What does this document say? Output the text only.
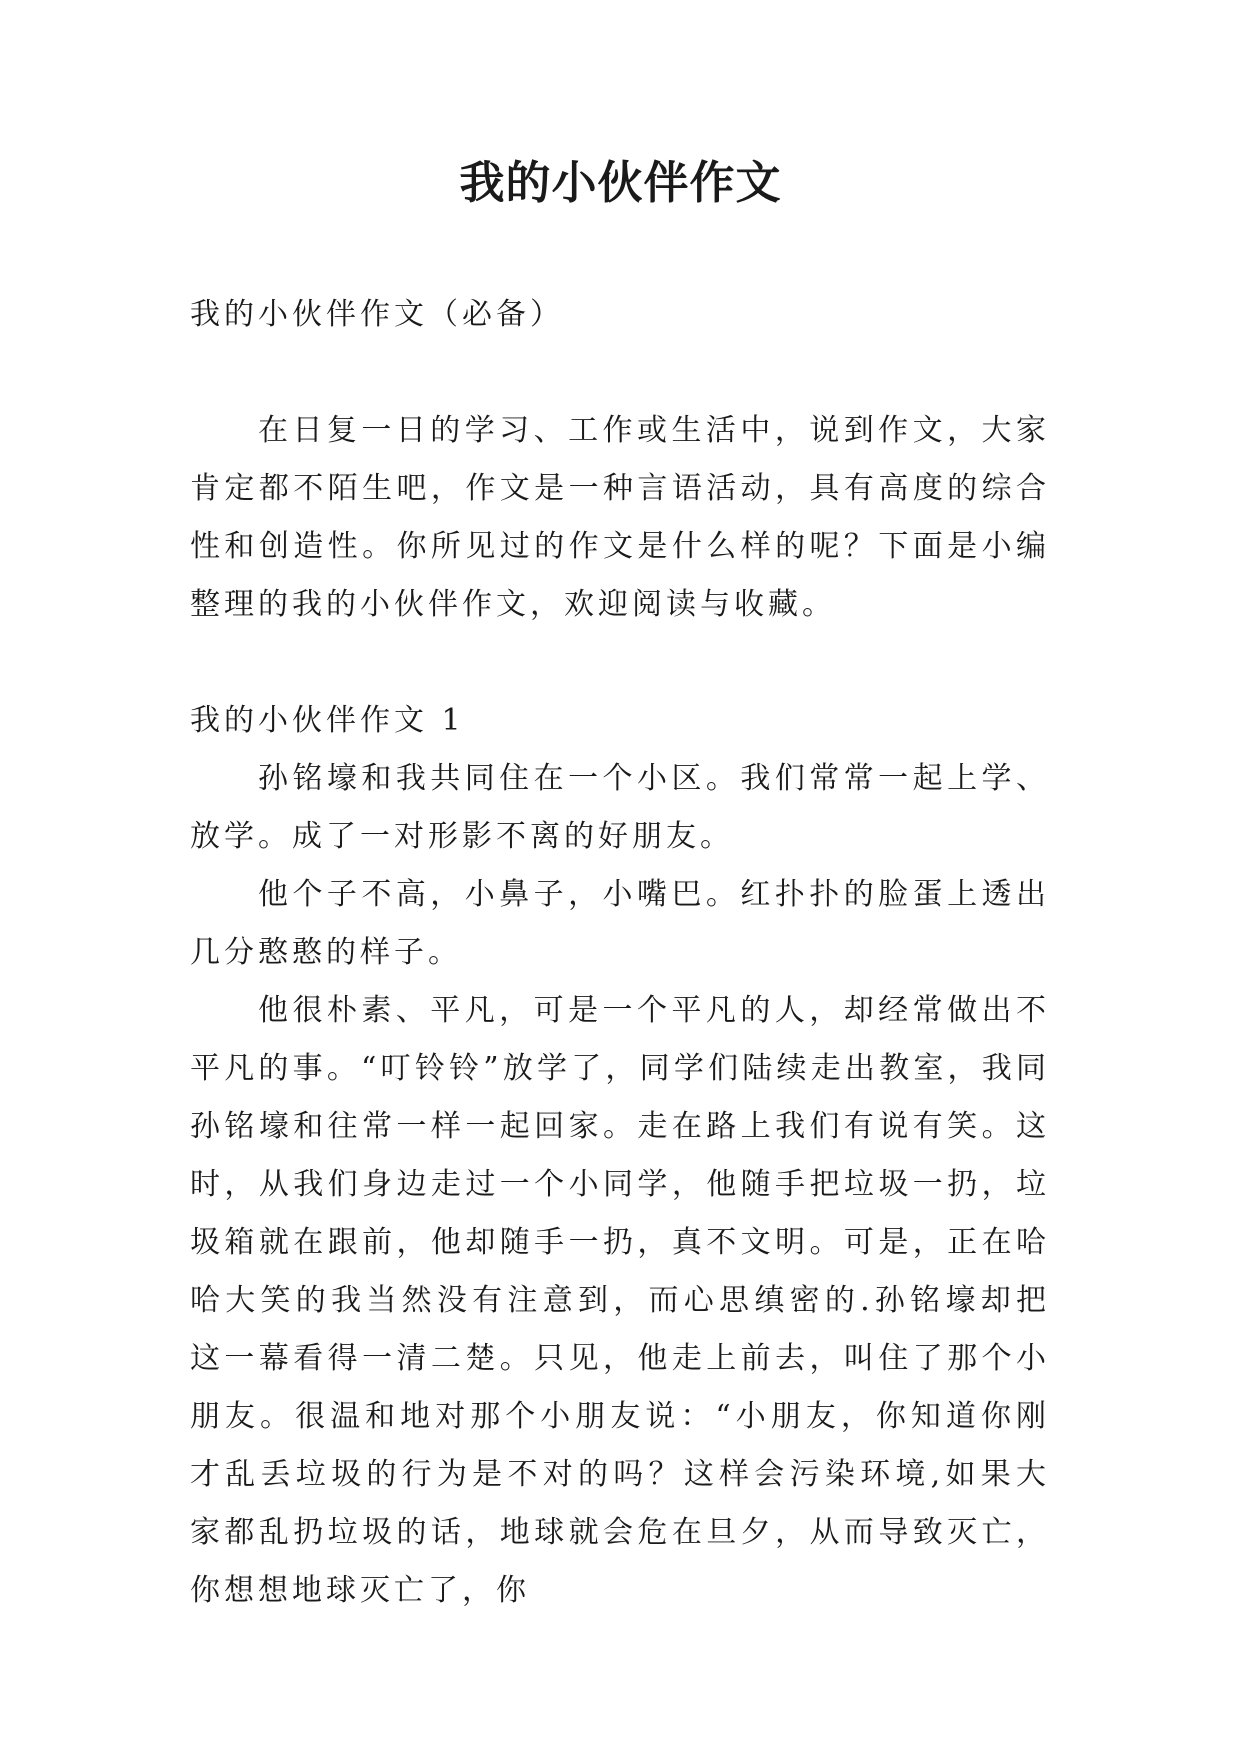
我的小伙伴作文

我的小伙伴作文（必备）

在日复一日的学习、工作或生活中，说到作文，大家肯定都不陌生吧，作文是一种言语活动，具有高度的综合性和创造性。你所见过的作文是什么样的呢？下面是小编整理的我的小伙伴作文，欢迎阅读与收藏。

我的小伙伴作文 1

孙铭壕和我共同住在一个小区。我们常常一起上学、放学。成了一对形影不离的好朋友。

他个子不高，小鼻子，小嘴巴。红扑扑的脸蛋上透出几分憨憨的样子。

他很朴素、平凡，可是一个平凡的人，却经常做出不平凡的事。“叮铃铃”放学了，同学们陆续走出教室，我同孙铭壕和往常一样一起回家。走在路上我们有说有笑。这时，从我们身边走过一个小同学，他随手把垃圾一扔，垃圾箱就在跟前，他却随手一扔，真不文明。可是，正在哈哈大笑的我当然没有注意到，而心思缜密的.孙铭壕却把这一幕看得一清二楚。只见，他走上前去，叫住了那个小朋友。很温和地对那个小朋友说：“小朋友，你知道你刚才乱丢垃圾的行为是不对的吗？这样会污染环境,如果大家都乱扔垃圾的话，地球就会危在旦夕，从而导致灭亡，你想想地球灭亡了，你
